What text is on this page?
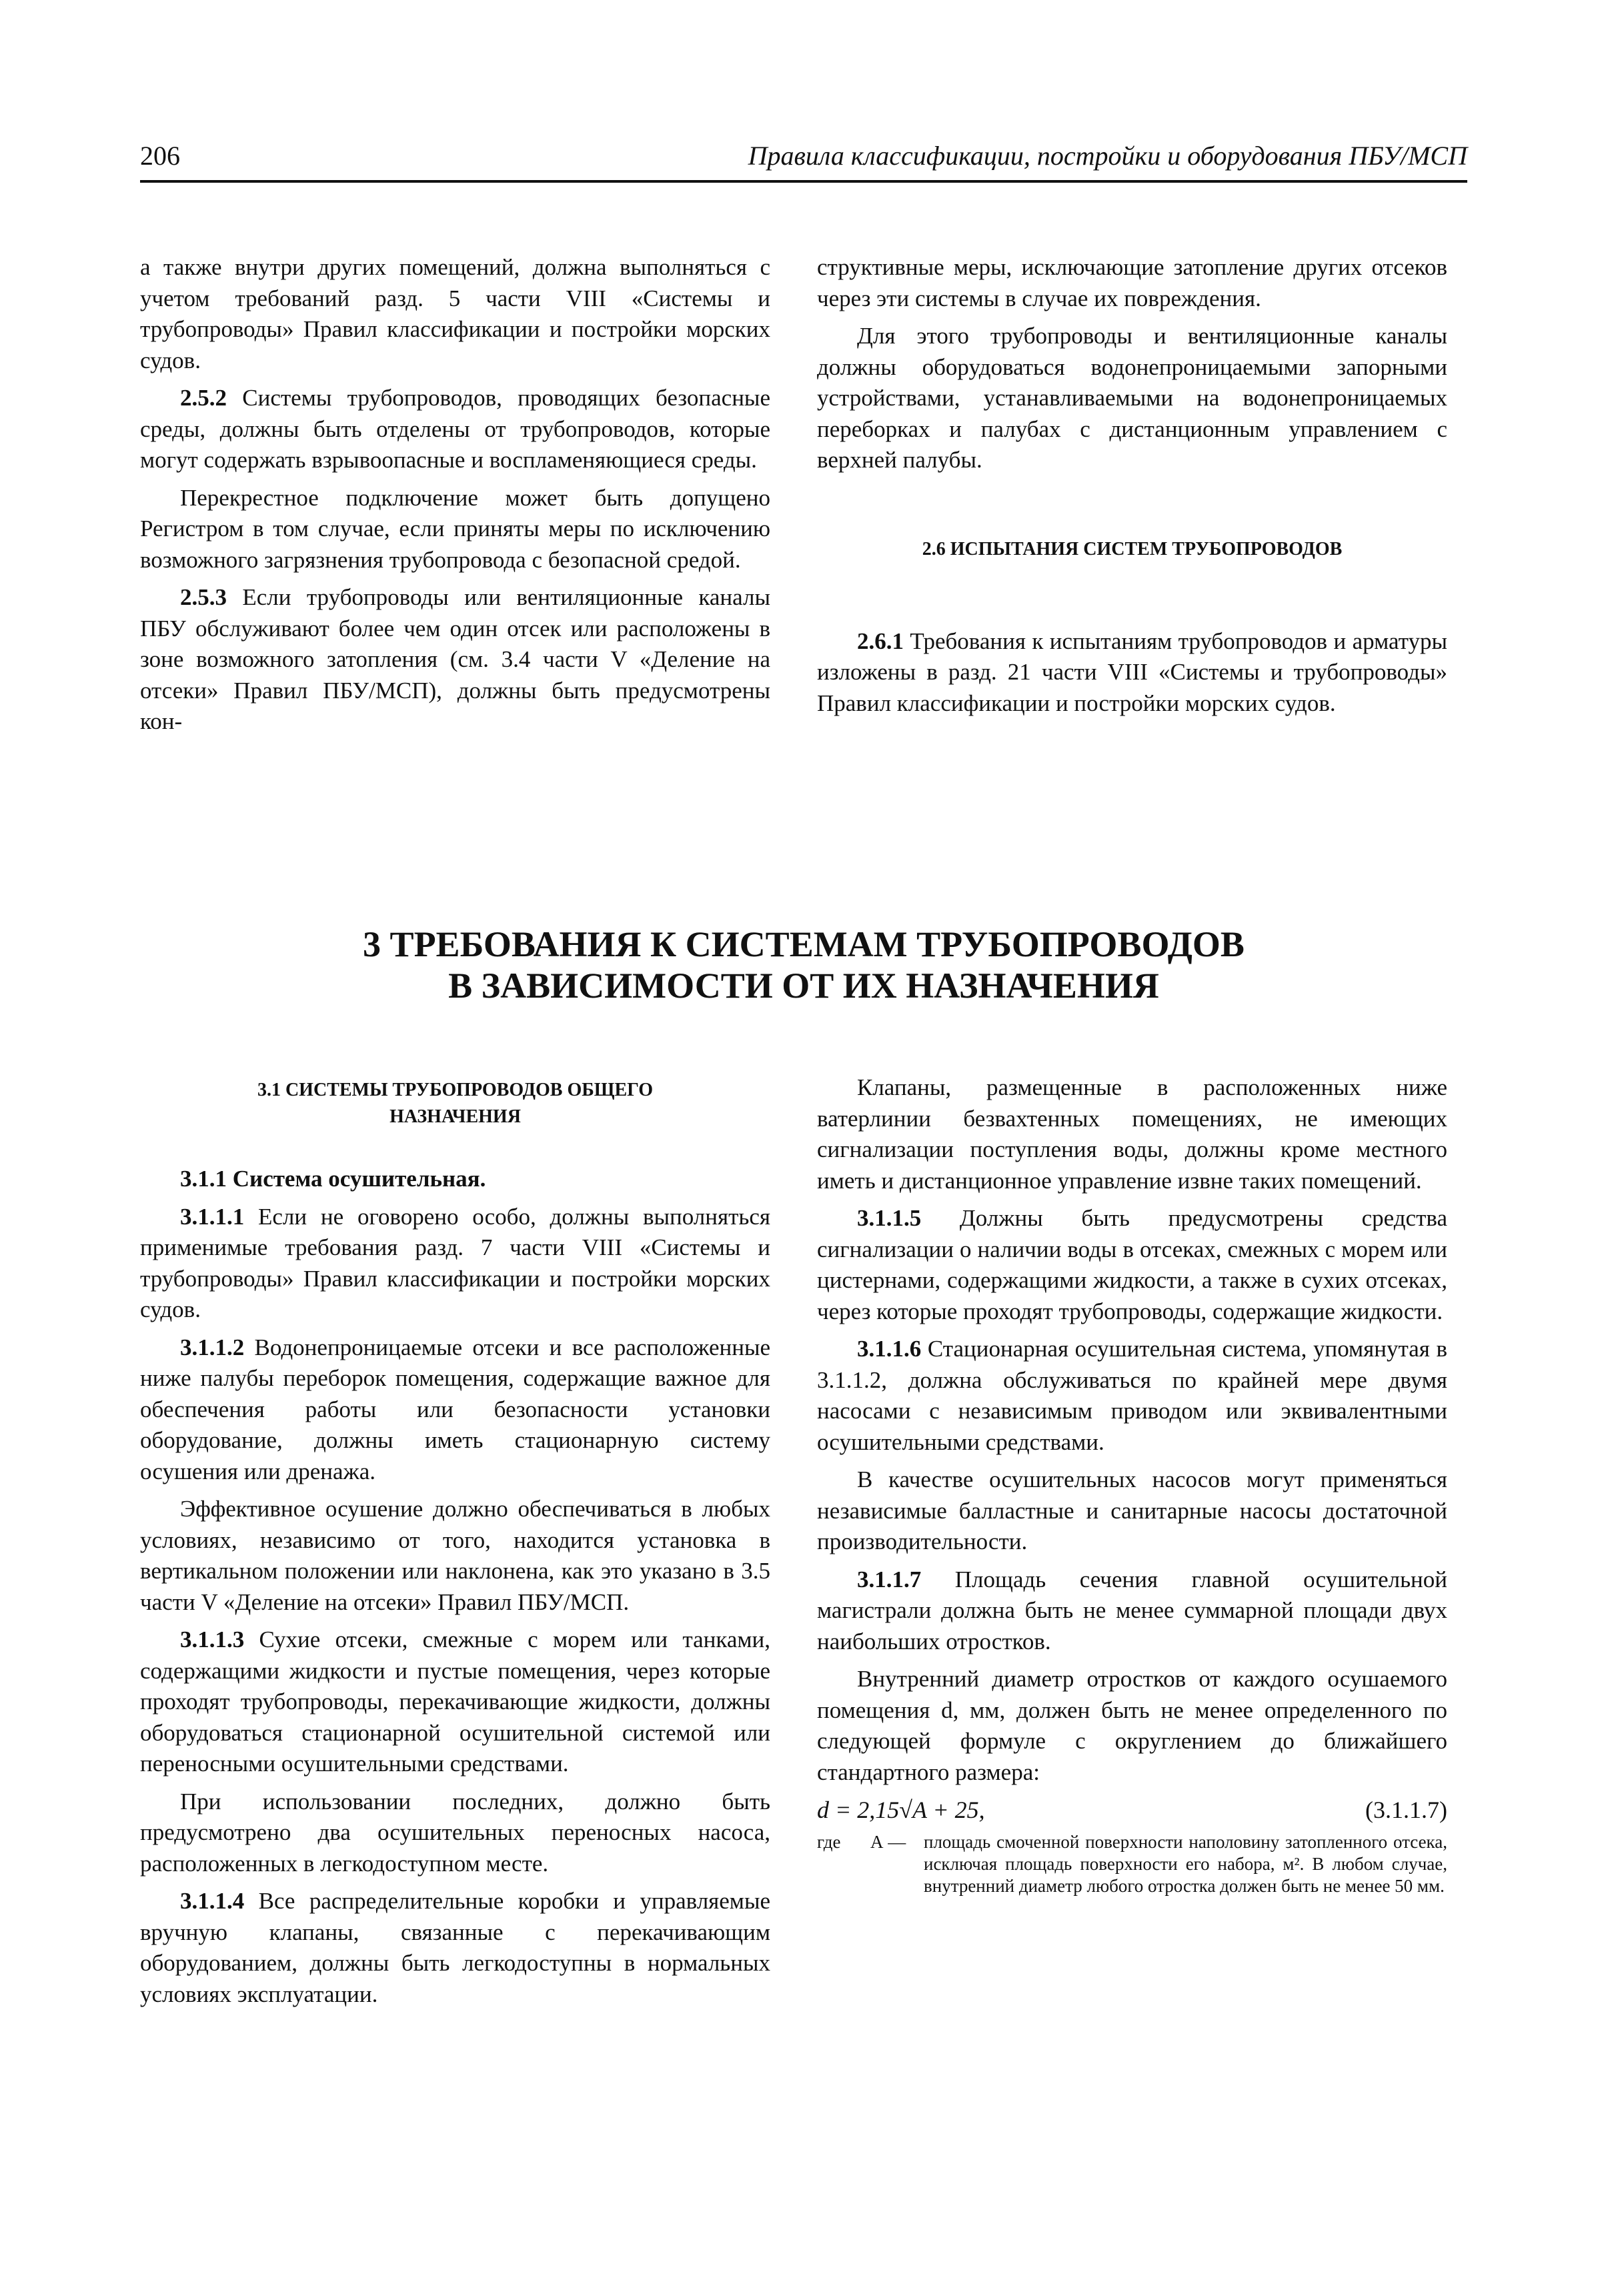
206	Правила классификации, постройки и оборудования ПБУ/МСП

а также внутри других помещений, должна выполняться с учетом требований разд. 5 части VIII «Системы и трубопроводы» Правил классификации и постройки морских судов.

2.5.2 Системы трубопроводов, проводящих безопасные среды, должны быть отделены от трубопроводов, которые могут содержать взрывоопасные и воспламеняющиеся среды.

Перекрестное подключение может быть допущено Регистром в том случае, если приняты меры по исключению возможного загрязнения трубопровода с безопасной средой.

2.5.3 Если трубопроводы или вентиляционные каналы ПБУ обслуживают более чем один отсек или расположены в зоне возможного затопления (см. 3.4 части V «Деление на отсеки» Правил ПБУ/МСП), должны быть предусмотрены кон-

структивные меры, исключающие затопление других отсеков через эти системы в случае их повреждения.

Для этого трубопроводы и вентиляционные каналы должны оборудоваться водонепроницаемыми запорными устройствами, устанавливаемыми на водонепроницаемых переборках и палубах с дистанционным управлением с верхней палубы.

2.6 ИСПЫТАНИЯ СИСТЕМ ТРУБОПРОВОДОВ

2.6.1 Требования к испытаниям трубопроводов и арматуры изложены в разд. 21 части VIII «Системы и трубопроводы» Правил классификации и постройки морских судов.

3 ТРЕБОВАНИЯ К СИСТЕМАМ ТРУБОПРОВОДОВ
В ЗАВИСИМОСТИ ОТ ИХ НАЗНАЧЕНИЯ

3.1 СИСТЕМЫ ТРУБОПРОВОДОВ ОБЩЕГО
НАЗНАЧЕНИЯ

3.1.1 Система осушительная.

3.1.1.1 Если не оговорено особо, должны выполняться применимые требования разд. 7 части VIII «Системы и трубопроводы» Правил классификации и постройки морских судов.

3.1.1.2 Водонепроницаемые отсеки и все расположенные ниже палубы переборок помещения, содержащие важное для обеспечения работы или безопасности установки оборудование, должны иметь стационарную систему осушения или дренажа.

Эффективное осушение должно обеспечиваться в любых условиях, независимо от того, находится установка в вертикальном положении или наклонена, как это указано в 3.5 части V «Деление на отсеки» Правил ПБУ/МСП.

3.1.1.3 Сухие отсеки, смежные с морем или танками, содержащими жидкости и пустые помещения, через которые проходят трубопроводы, перекачивающие жидкости, должны оборудоваться стационарной осушительной системой или переносными осушительными средствами.

При использовании последних, должно быть предусмотрено два осушительных переносных насоса, расположенных в легкодоступном месте.

3.1.1.4 Все распределительные коробки и управляемые вручную клапаны, связанные с перекачивающим оборудованием, должны быть легкодоступны в нормальных условиях эксплуатации.

Клапаны, размещенные в расположенных ниже ватерлинии безвахтенных помещениях, не имеющих сигнализации поступления воды, должны кроме местного иметь и дистанционное управление извне таких помещений.

3.1.1.5 Должны быть предусмотрены средства сигнализации о наличии воды в отсеках, смежных с морем или цистернами, содержащими жидкости, а также в сухих отсеках, через которые проходят трубопроводы, содержащие жидкости.

3.1.1.6 Стационарная осушительная система, упомянутая в 3.1.1.2, должна обслуживаться по крайней мере двумя насосами с независимым приводом или эквивалентными осушительными средствами.

В качестве осушительных насосов могут применяться независимые балластные и санитарные насосы достаточной производительности.

3.1.1.7 Площадь сечения главной осушительной магистрали должна быть не менее суммарной площади двух наибольших отростков.

Внутренний диаметр отростков от каждого осушаемого помещения d, мм, должен быть не менее определенного по следующей формуле с округлением до ближайшего стандартного размера:

d = 2,15√A + 25,	(3.1.1.7)
где	А — площадь смоченной поверхности наполовину затопленного отсека, исключая площадь поверхности его набора, м². В любом случае, внутренний диаметр любого отростка должен быть не менее 50 мм.
